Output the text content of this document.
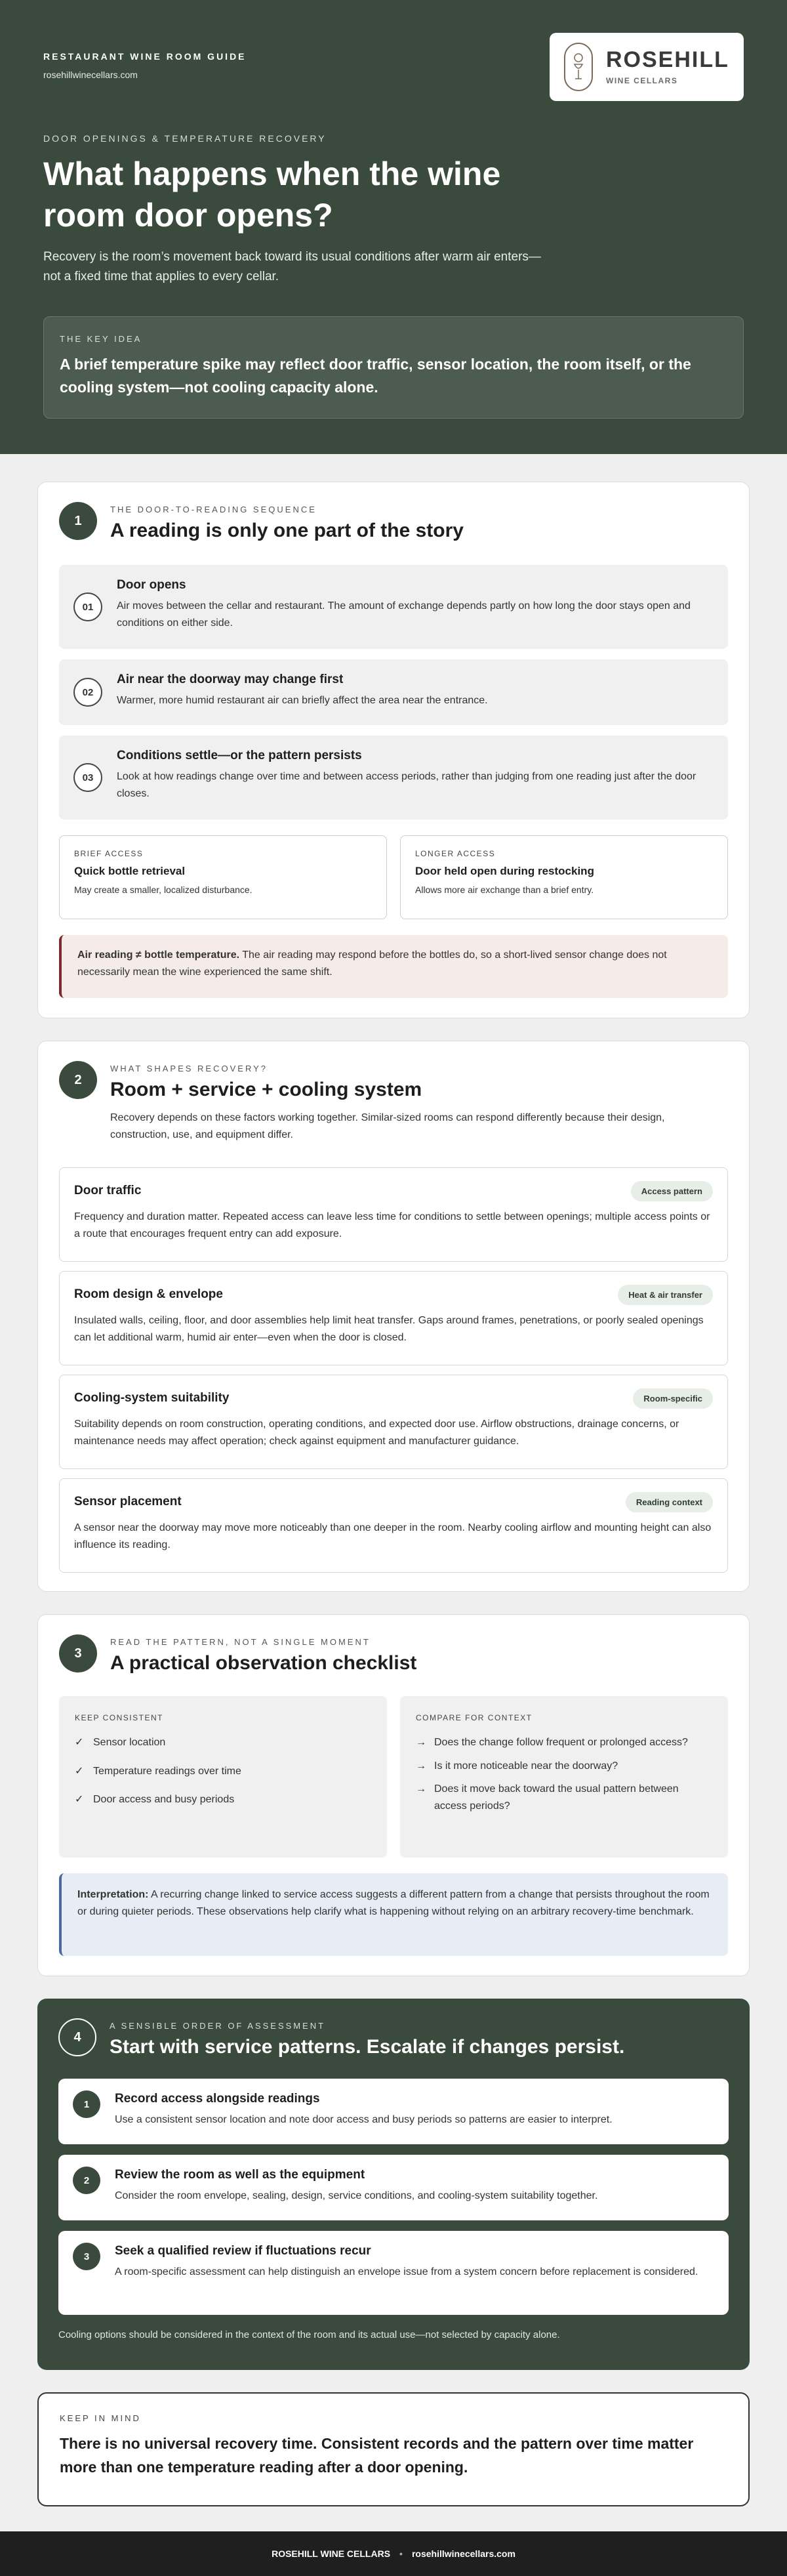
RESTAURANT WINE ROOM GUIDE
rosehillwinecellars.com
ROSEHILL
WINE CELLARS
DOOR OPENINGS & TEMPERATURE RECOVERY
What happens when the wine room door opens?

Recovery is the room’s movement back toward its usual conditions after warm air enters—not a fixed time that applies to every cellar.

THE KEY IDEA
A brief temperature spike may reflect door traffic, sensor location, the room itself, or the cooling system—not cooling capacity alone.
1
THE DOOR-TO-READING SEQUENCE
A reading is only one part of the story
01
Door opens
Air moves between the cellar and restaurant. The amount of exchange depends partly on how long the door stays open and conditions on either side.
02
Air near the doorway may change first
Warmer, more humid restaurant air can briefly affect the area near the entrance.
03
Conditions settle—or the pattern persists
Look at how readings change over time and between access periods, rather than judging from one reading just after the door closes.
BRIEF ACCESS
Quick bottle retrieval
May create a smaller, localized disturbance.
LONGER ACCESS
Door held open during restocking
Allows more air exchange than a brief entry.
Air reading ≠ bottle temperature. The air reading may respond before the bottles do, so a short-lived sensor change does not necessarily mean the wine experienced the same shift.
2
WHAT SHAPES RECOVERY?
Room + service + cooling system

Recovery depends on these factors working together. Similar-sized rooms can respond differently because their design, construction, use, and equipment differ.

Door traffic	Access pattern
Frequency and duration matter. Repeated access can leave less time for conditions to settle between openings; multiple access points or a route that encourages frequent entry can add exposure.
Room design & envelope	Heat & air transfer
Insulated walls, ceiling, floor, and door assemblies help limit heat transfer. Gaps around frames, penetrations, or poorly sealed openings can let additional warm, humid air enter—even when the door is closed.
Cooling-system suitability	Room-specific
Suitability depends on room construction, operating conditions, and expected door use. Airflow obstructions, drainage concerns, or maintenance needs may affect operation; check against equipment and manufacturer guidance.
Sensor placement	Reading context
A sensor near the doorway may move more noticeably than one deeper in the room. Nearby cooling airflow and mounting height can also influence its reading.
3
READ THE PATTERN, NOT A SINGLE MOMENT
A practical observation checklist
KEEP CONSISTENT
✓ Sensor location
✓ Temperature readings over time
✓ Door access and busy periods
COMPARE FOR CONTEXT
→ Does the change follow frequent or prolonged access?
→ Is it more noticeable near the doorway?
→ Does it move back toward the usual pattern between access periods?
Interpretation: A recurring change linked to service access suggests a different pattern from a change that persists throughout the room or during quieter periods. These observations help clarify what is happening without relying on an arbitrary recovery-time benchmark.
4
A SENSIBLE ORDER OF ASSESSMENT
Start with service patterns. Escalate if changes persist.
1	Record access alongside readings
Use a consistent sensor location and note door access and busy periods so patterns are easier to interpret.
2	Review the room as well as the equipment
Consider the room envelope, sealing, design, service conditions, and cooling-system suitability together.
3	Seek a qualified review if fluctuations recur
A room-specific assessment can help distinguish an envelope issue from a system concern before replacement is considered.

Cooling options should be considered in the context of the room and its actual use—not selected by capacity alone.

KEEP IN MIND
There is no universal recovery time. Consistent records and the pattern over time matter more than one temperature reading after a door opening.
ROSEHILL WINE CELLARS • rosehillwinecellars.com
